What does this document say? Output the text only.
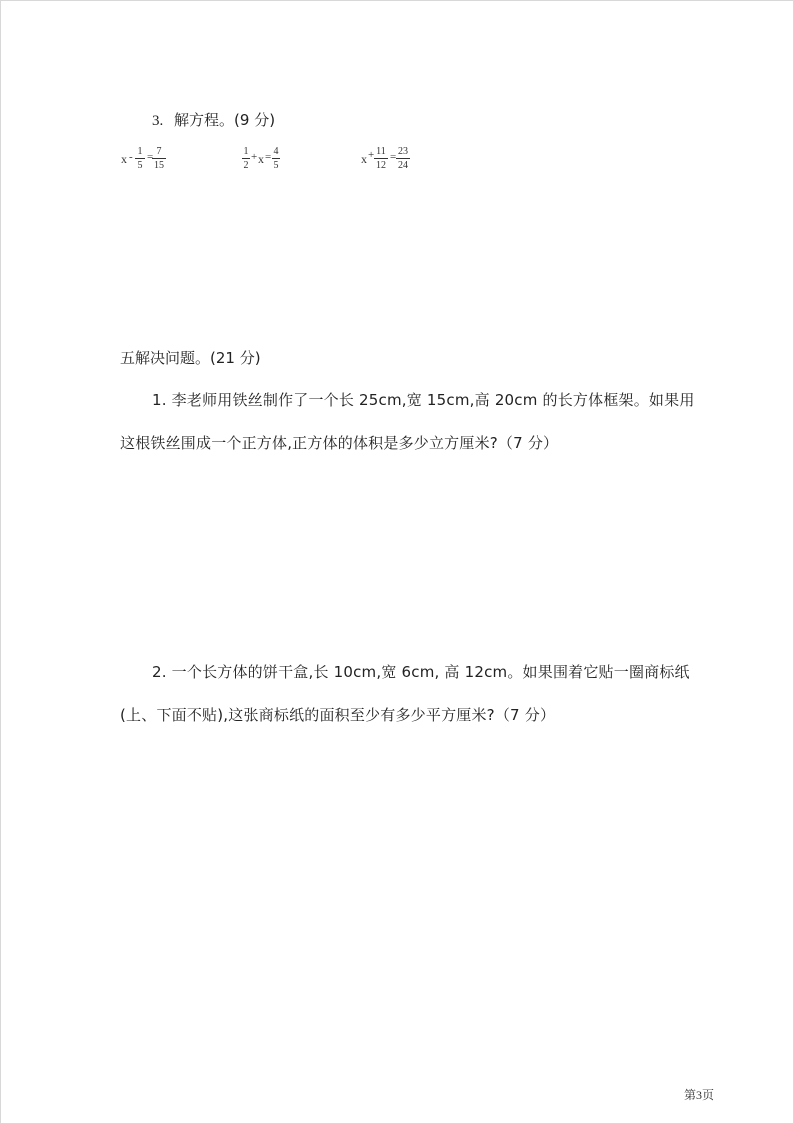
3. 解方程。(9 分)
x - 1
5
= 7
15
1
2
+ x = 4
5	x + 11
12
= 23
24
五解决问题。(21 分)
1. 李老师用铁丝制作了一个长 25cm,宽 15cm,高 20cm 的长方体框架。如果用
这根铁丝围成一个正方体,正方体的体积是多少立方厘米?（7 分）
2. 一个长方体的饼干盒,长 10cm,宽 6cm, 高 12cm。如果围着它贴一圈商标纸
(上、下面不贴),这张商标纸的面积至少有多少平方厘米?（7 分）
第3页
